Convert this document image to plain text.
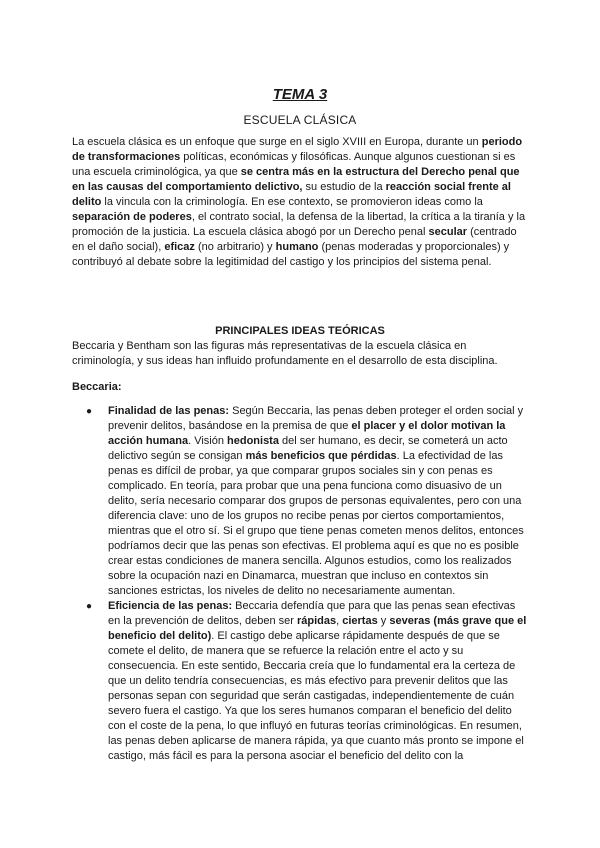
TEMA 3
ESCUELA CLÁSICA

La escuela clásica es un enfoque que surge en el siglo XVIII en Europa, durante un periodo de transformaciones políticas, económicas y filosóficas. Aunque algunos cuestionan si es una escuela criminológica, ya que se centra más en la estructura del Derecho penal que en las causas del comportamiento delictivo, su estudio de la reacción social frente al delito la vincula con la criminología. En ese contexto, se promovieron ideas como la separación de poderes, el contrato social, la defensa de la libertad, la crítica a la tiranía y la promoción de la justicia. La escuela clásica abogó por un Derecho penal secular (centrado en el daño social), eficaz (no arbitrario) y humano (penas moderadas y proporcionales) y contribuyó al debate sobre la legitimidad del castigo y los principios del sistema penal.

PRINCIPALES IDEAS TEÓRICAS

Beccaria y Bentham son las figuras más representativas de la escuela clásica en criminología, y sus ideas han influido profundamente en el desarrollo de esta disciplina.

Beccaria:

● Finalidad de las penas: Según Beccaria, las penas deben proteger el orden social y prevenir delitos, basándose en la premisa de que el placer y el dolor motivan la acción humana. Visión hedonista del ser humano, es decir, se cometerá un acto delictivo según se consigan más beneficios que pérdidas. La efectividad de las penas es difícil de probar, ya que comparar grupos sociales sin y con penas es complicado. En teoría, para probar que una pena funciona como disuasivo de un delito, sería necesario comparar dos grupos de personas equivalentes, pero con una diferencia clave: uno de los grupos no recibe penas por ciertos comportamientos, mientras que el otro sí. Si el grupo que tiene penas cometen menos delitos, entonces podríamos decir que las penas son efectivas. El problema aquí es que no es posible crear estas condiciones de manera sencilla. Algunos estudios, como los realizados sobre la ocupación nazi en Dinamarca, muestran que incluso en contextos sin sanciones estrictas, los niveles de delito no necesariamente aumentan.
● Eficiencia de las penas: Beccaria defendía que para que las penas sean efectivas en la prevención de delitos, deben ser rápidas, ciertas y severas (más grave que el beneficio del delito). El castigo debe aplicarse rápidamente después de que se comete el delito, de manera que se refuerce la relación entre el acto y su consecuencia. En este sentido, Beccaria creía que lo fundamental era la certeza de que un delito tendría consecuencias, es más efectivo para prevenir delitos que las personas sepan con seguridad que serán castigadas, independientemente de cuán severo fuera el castigo. Ya que los seres humanos comparan el beneficio del delito con el coste de la pena, lo que influyó en futuras teorías criminológicas. En resumen, las penas deben aplicarse de manera rápida, ya que cuanto más pronto se impone el castigo, más fácil es para la persona asociar el beneficio del delito con la
